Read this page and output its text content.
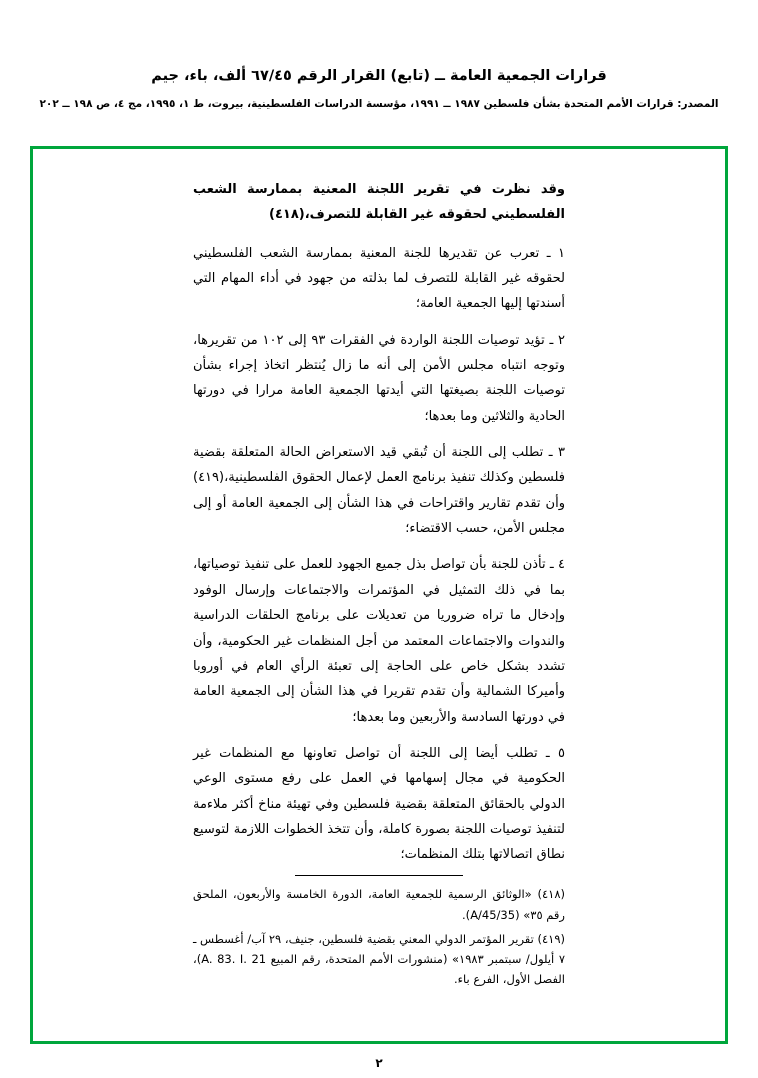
قرارات الجمعية العامة ــ (تابع) القرار الرقم ٦٧/٤٥ ألف، باء، جيم
المصدر: قرارات الأمم المتحدة بشأن فلسطين ١٩٨٧ ــ ١٩٩١، مؤسسة الدراسات الفلسطينية، بيروت، ط ١، ١٩٩٥، مج ٤، ص ١٩٨ ــ ٢٠٢

وقد نظرت في تقرير اللجنة المعنية بممارسة الشعب الفلسطيني لحقوقه غير القابلة للتصرف،(٤١٨)

١ ـ تعرب عن تقديرها للجنة المعنية بممارسة الشعب الفلسطيني لحقوقه غير القابلة للتصرف لما بذلته من جهود في أداء المهام التي أسندتها إليها الجمعية العامة؛

٢ ـ تؤيد توصيات اللجنة الواردة في الفقرات ٩٣ إلى ١٠٢ من تقريرها، وتوجه انتباه مجلس الأمن إلى أنه ما زال يُنتظر اتخاذ إجراء بشأن توصيات اللجنة بصيغتها التي أيدتها الجمعية العامة مرارا في دورتها الحادية والثلاثين وما بعدها؛

٣ ـ تطلب إلى اللجنة أن تُبقي قيد الاستعراض الحالة المتعلقة بقضية فلسطين وكذلك تنفيذ برنامج العمل لإعمال الحقوق الفلسطينية،(٤١٩) وأن تقدم تقارير واقتراحات في هذا الشأن إلى الجمعية العامة أو إلى مجلس الأمن، حسب الاقتضاء؛

٤ ـ تأذن للجنة بأن تواصل بذل جميع الجهود للعمل على تنفيذ توصياتها، بما في ذلك التمثيل في المؤتمرات والاجتماعات وإرسال الوفود وإدخال ما تراه ضروريا من تعديلات على برنامج الحلقات الدراسية والندوات والاجتماعات المعتمد من أجل المنظمات غير الحكومية، وأن تشدد بشكل خاص على الحاجة إلى تعبئة الرأي العام في أوروبا وأميركا الشمالية وأن تقدم تقريرا في هذا الشأن إلى الجمعية العامة في دورتها السادسة والأربعين وما بعدها؛

٥ ـ تطلب أيضا إلى اللجنة أن تواصل تعاونها مع المنظمات غير الحكومية في مجال إسهامها في العمل على رفع مستوى الوعي الدولي بالحقائق المتعلقة بقضية فلسطين وفي تهيئة مناخ أكثر ملاءمة لتنفيذ توصيات اللجنة بصورة كاملة، وأن تتخذ الخطوات اللازمة لتوسيع نطاق اتصالاتها بتلك المنظمات؛

(٤١٨) «الوثائق الرسمية للجمعية العامة، الدورة الخامسة والأربعون، الملحق رقم ٣٥» (A/45/35).

(٤١٩) تقرير المؤتمر الدولي المعني بقضية فلسطين، جنيف، ٢٩ آب/ أغسطس ـ ٧ أيلول/ سبتمبر ١٩٨٣» (منشورات الأمم المتحدة، رقم المبيع A. 83. I. 21)، الفصل الأول، الفرع باء.

٢
